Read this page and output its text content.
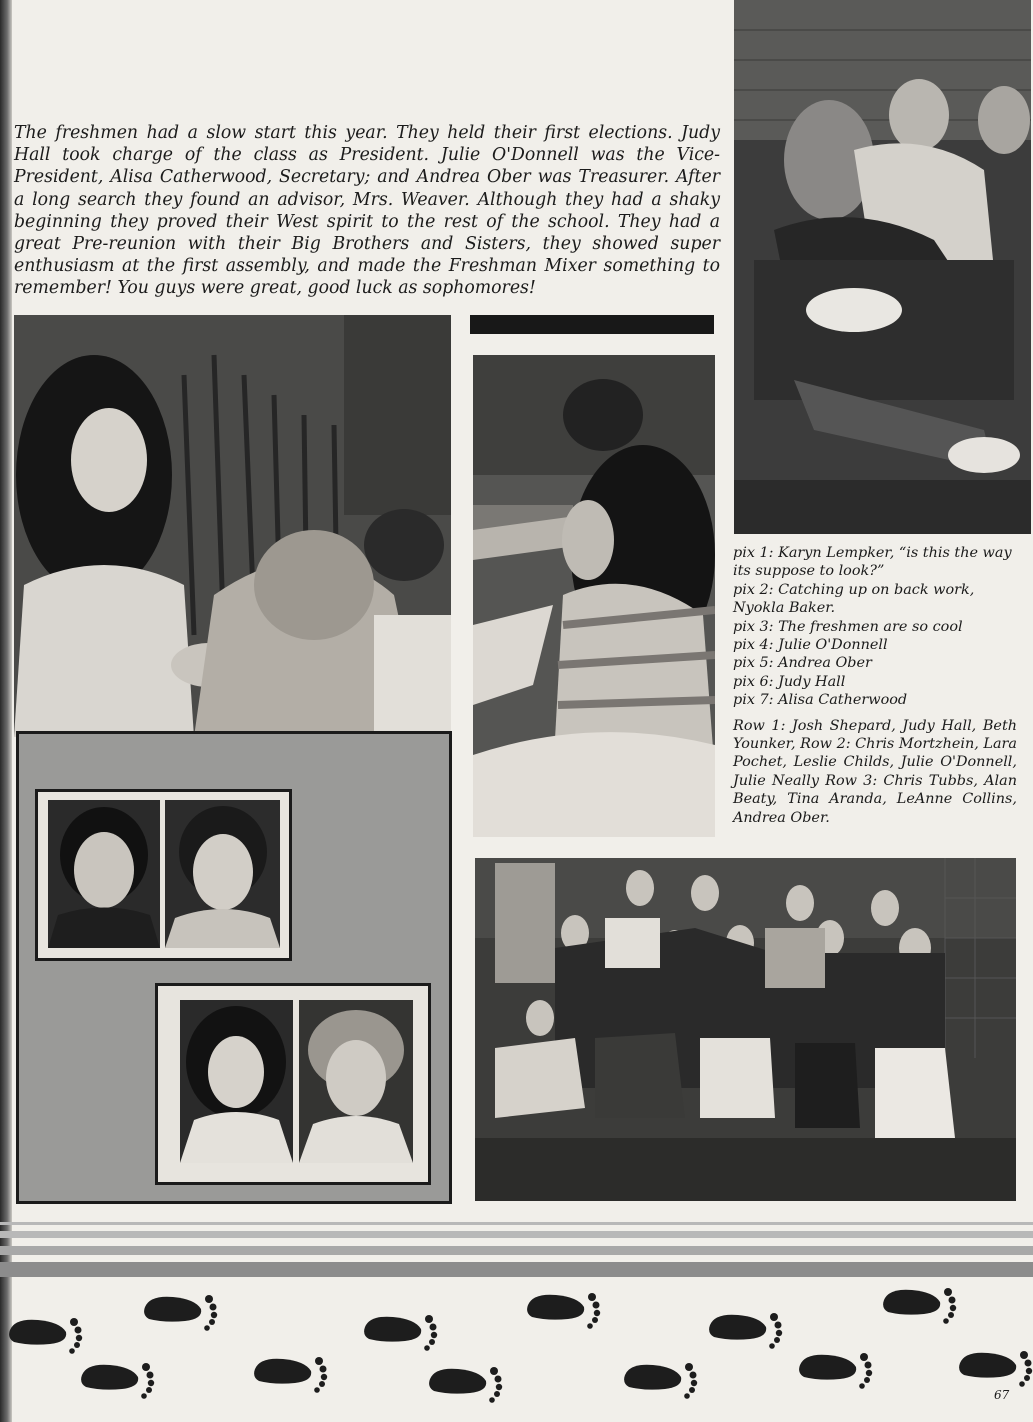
The freshmen had a slow start this year. They held their first elections. Judy Hall took charge of the class as President. Julie O'Donnell was the Vice-President, Alisa Catherwood, Secretary; and Andrea Ober was Treasurer. After a long search they found an advisor, Mrs. Weaver. Although they had a shaky beginning they proved their West spirit to the rest of the school. They had a great Pre-reunion with their Big Brothers and Sisters, they showed super enthusiasm at the first assembly, and made the Freshman Mixer something to remember! You guys were great, good luck as sophomores!

pix 1: Karyn Lempker, “is this the way its suppose to look?”
pix 2: Catching up on back work, Nyokla Baker.
pix 3: The freshmen are so cool
pix 4: Julie O'Donnell
pix 5: Andrea Ober
pix 6: Judy Hall
pix 7: Alisa Catherwood
Row 1: Josh Shepard, Judy Hall, Beth Younker, Row 2: Chris Mortzhein, Lara Pochet, Leslie Childs, Julie O'Donnell, Julie Neally Row 3: Chris Tubbs, Alan Beaty, Tina Aranda, LeAnne Collins, Andrea Ober.
67
